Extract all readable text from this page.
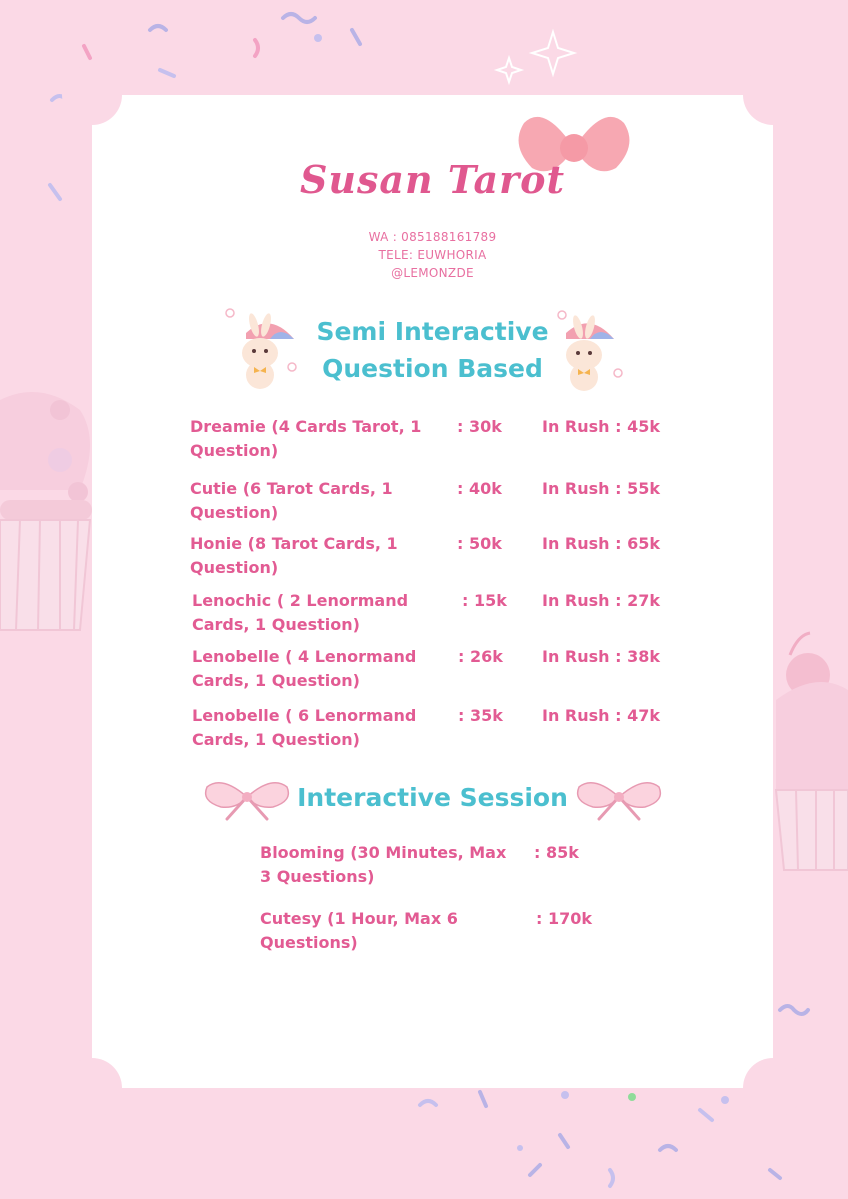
Susan Tarot
WA : 085188161789
TELE: EUWHORIA
@LEMONZDE
Semi Interactive
Question Based
Dreamie (4 Cards Tarot, 1 Question)
: 30k	In Rush : 45k
Cutie (6 Tarot Cards, 1 Question)
: 40k	In Rush : 55k
Honie (8 Tarot Cards, 1 Question)
: 50k	In Rush : 65k
Lenochic ( 2 Lenormand Cards, 1 Question)
: 15k In Rush : 27k
Lenobelle ( 4 Lenormand Cards, 1 Question)
: 26k In Rush : 38k
Lenobelle ( 6 Lenormand Cards, 1 Question)
: 35k In Rush : 47k
Interactive Session
Blooming (30 Minutes, Max 3 Questions)
: 85k
Cutesy (1 Hour, Max 6 Questions)
: 170k
